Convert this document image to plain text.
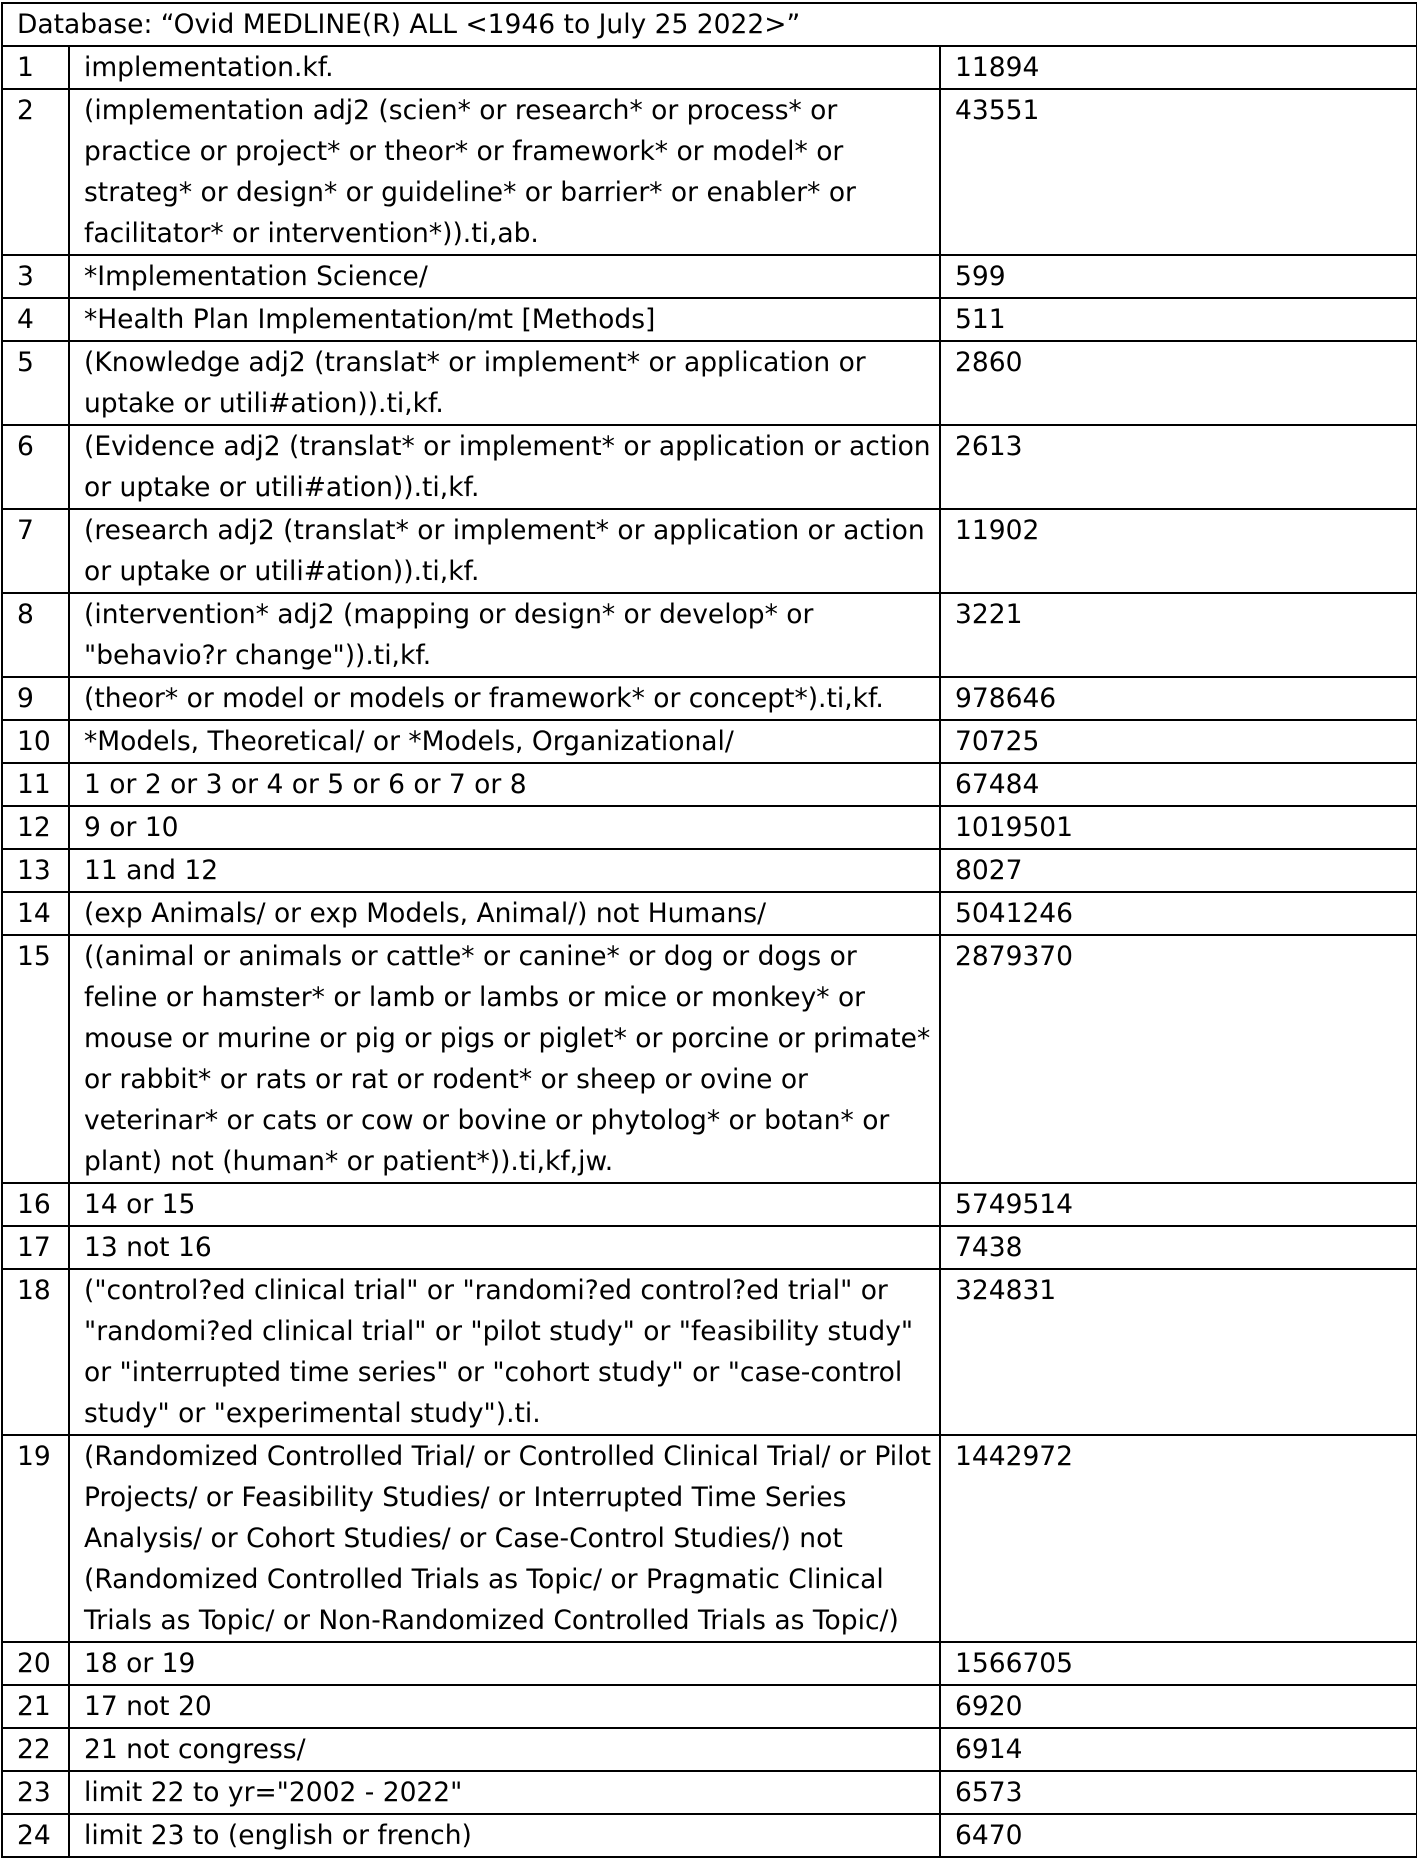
Database: “Ovid MEDLINE(R) ALL <1946 to July 25 2022>”		
1	implementation.kf.	11894
2	(implementation adj2 (scien* or research* or process* or practice or project* or theor* or framework* or model* or strateg* or design* or guideline* or barrier* or enabler* or facilitator* or intervention*)).ti,ab.	43551
3	*Implementation Science/	599
4	*Health Plan Implementation/mt [Methods]	511
5	(Knowledge adj2 (translat* or implement* or application or uptake or utili#ation)).ti,kf.	2860
6	(Evidence adj2 (translat* or implement* or application or action or uptake or utili#ation)).ti,kf.	2613
7	(research adj2 (translat* or implement* or application or action or uptake or utili#ation)).ti,kf.	11902
8	(intervention* adj2 (mapping or design* or develop* or "behavio?r change")).ti,kf.	3221
9	(theor* or model or models or framework* or concept*).ti,kf.	978646
10	*Models, Theoretical/ or *Models, Organizational/	70725
11	1 or 2 or 3 or 4 or 5 or 6 or 7 or 8	67484
12	9 or 10	1019501
13	11 and 12	8027
14	(exp Animals/ or exp Models, Animal/) not Humans/	5041246
15	((animal or animals or cattle* or canine* or dog or dogs or feline or hamster* or lamb or lambs or mice or monkey* or mouse or murine or pig or pigs or piglet* or porcine or primate* or rabbit* or rats or rat or rodent* or sheep or ovine or veterinar* or cats or cow or bovine or phytolog* or botan* or plant) not (human* or patient*)).ti,kf,jw.	2879370
16	14 or 15	5749514
17	13 not 16	7438
18	("control?ed clinical trial" or "randomi?ed control?ed trial" or "randomi?ed clinical trial" or "pilot study" or "feasibility study" or "interrupted time series" or "cohort study" or "case-control study" or "experimental study").ti.	324831
19	(Randomized Controlled Trial/ or Controlled Clinical Trial/ or Pilot Projects/ or Feasibility Studies/ or Interrupted Time Series Analysis/ or Cohort Studies/ or Case-Control Studies/) not (Randomized Controlled Trials as Topic/ or Pragmatic Clinical Trials as Topic/ or Non-Randomized Controlled Trials as Topic/)	1442972
20	18 or 19	1566705
21	17 not 20	6920
22	21 not congress/	6914
23	limit 22 to yr="2002 - 2022"	6573
24	limit 23 to (english or french)	6470
